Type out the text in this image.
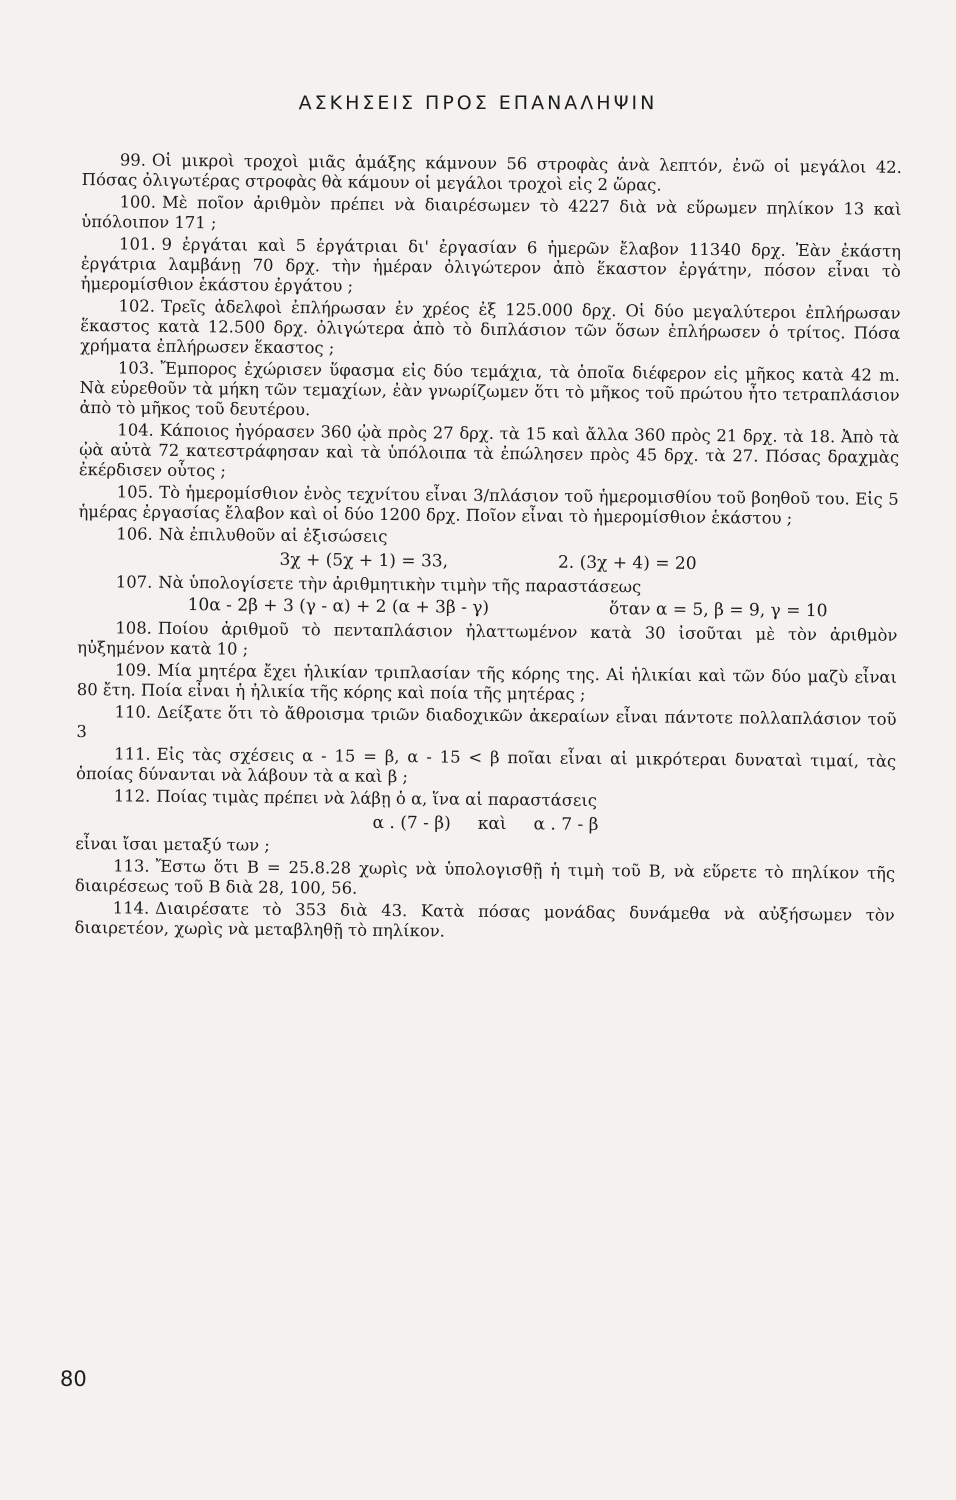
ΑΣΚΗΣΕΙΣ ΠΡΟΣ ΕΠΑΝΑΛΗΨΙΝ

99. Οἱ μικροὶ τροχοὶ μιᾶς ἁμάξης κάμνουν 56 στροφὰς ἀνὰ λεπτόν, ἐνῶ οἱ μεγάλοι 42. Πόσας ὀλιγωτέρας στροφὰς θὰ κάμουν οἱ μεγάλοι τροχοὶ εἰς 2 ὥρας.

100. Μὲ ποῖον ἀριθμὸν πρέπει νὰ διαιρέσωμεν τὸ 4227 διὰ νὰ εὕρωμεν πηλίκον 13 καὶ ὑπόλοιπον 171 ;

101. 9 ἐργάται καὶ 5 ἐργάτριαι δι' ἐργασίαν 6 ἡμερῶν ἔλαβον 11340 δρχ. Ἐὰν ἑκάστη ἐργάτρια λαμβάνῃ 70 δρχ. τὴν ἡμέραν ὀλιγώτερον ἀπὸ ἕκαστον ἐργάτην, πόσον εἶναι τὸ ἡμερομίσθιον ἑκάστου ἐργάτου ;

102. Τρεῖς ἀδελφοὶ ἐπλήρωσαν ἐν χρέος ἐξ 125.000 δρχ. Οἱ δύο μεγαλύτεροι ἐπλήρωσαν ἕκαστος κατὰ 12.500 δρχ. ὀλιγώτερα ἀπὸ τὸ διπλάσιον τῶν ὅσων ἐπλήρωσεν ὁ τρίτος. Πόσα χρήματα ἐπλήρωσεν ἕκαστος ;

103. Ἔμπορος ἐχώρισεν ὕφασμα εἰς δύο τεμάχια, τὰ ὁποῖα διέφερον εἰς μῆκος κατὰ 42 m. Νὰ εὑρεθοῦν τὰ μήκη τῶν τεμαχίων, ἐὰν γνωρίζωμεν ὅτι τὸ μῆκος τοῦ πρώτου ἦτο τετραπλάσιον ἀπὸ τὸ μῆκος τοῦ δευτέρου.

104. Κάποιος ἠγόρασεν 360 ᾠὰ πρὸς 27 δρχ. τὰ 15 καὶ ἄλλα 360 πρὸς 21 δρχ. τὰ 18. Ἀπὸ τὰ ᾠὰ αὐτὰ 72 κατεστράφησαν καὶ τὰ ὑπόλοιπα τὰ ἐπώλησεν πρὸς 45 δρχ. τὰ 27. Πόσας δραχμὰς ἐκέρδισεν οὗτος ;

105. Τὸ ἡμερομίσθιον ἑνὸς τεχνίτου εἶναι 3/πλάσιον τοῦ ἡμερομισθίου τοῦ βοηθοῦ του. Εἰς 5 ἡμέρας ἐργασίας ἔλαβον καὶ οἱ δύο 1200 δρχ. Ποῖον εἶναι τὸ ἡμερομίσθιον ἑκάστου ;

106. Νὰ ἐπιλυθοῦν αἱ ἐξισώσεις

3χ + (5χ + 1) = 33,	2. (3χ + 4) = 20

107. Νὰ ὑπολογίσετε τὴν ἀριθμητικὴν τιμὴν τῆς παραστάσεως

10α - 2β + 3 (γ - α) + 2 (α + 3β - γ)	ὅταν α = 5, β = 9, γ = 10

108. Ποίου ἀριθμοῦ τὸ πενταπλάσιον ἠλαττωμένον κατὰ 30 ἰσοῦται μὲ τὸν ἀριθμὸν ηὐξημένον κατὰ 10 ;

109. Μία μητέρα ἔχει ἡλικίαν τριπλασίαν τῆς κόρης της. Αἱ ἡλικίαι καὶ τῶν δύο μαζὺ εἶναι 80 ἔτη. Ποία εἶναι ἡ ἡλικία τῆς κόρης καὶ ποία τῆς μητέρας ;

110. Δείξατε ὅτι τὸ ἄθροισμα τριῶν διαδοχικῶν ἀκεραίων εἶναι πάντοτε πολλαπλάσιον τοῦ 3

111. Εἰς τὰς σχέσεις α - 15 = β, α - 15 < β ποῖαι εἶναι αἱ μικρότεραι δυναταὶ τιμαί, τὰς ὁποίας δύνανται νὰ λάβουν τὰ α καὶ β ;

112. Ποίας τιμὰς πρέπει νὰ λάβῃ ὁ α, ἵνα αἱ παραστάσεις

α . (7 - β) καὶ α . 7 - β

εἶναι ἴσαι μεταξύ των ;

113. Ἔστω ὅτι Β = 25.8.28 χωρὶς νὰ ὑπολογισθῇ ἡ τιμὴ τοῦ Β, νὰ εὕρετε τὸ πηλίκον τῆς διαιρέσεως τοῦ Β διὰ 28, 100, 56.

114. Διαιρέσατε τὸ 353 διὰ 43. Κατὰ πόσας μονάδας δυνάμεθα νὰ αὐξήσωμεν τὸν διαιρετέον, χωρὶς νὰ μεταβληθῇ τὸ πηλίκον.

80
